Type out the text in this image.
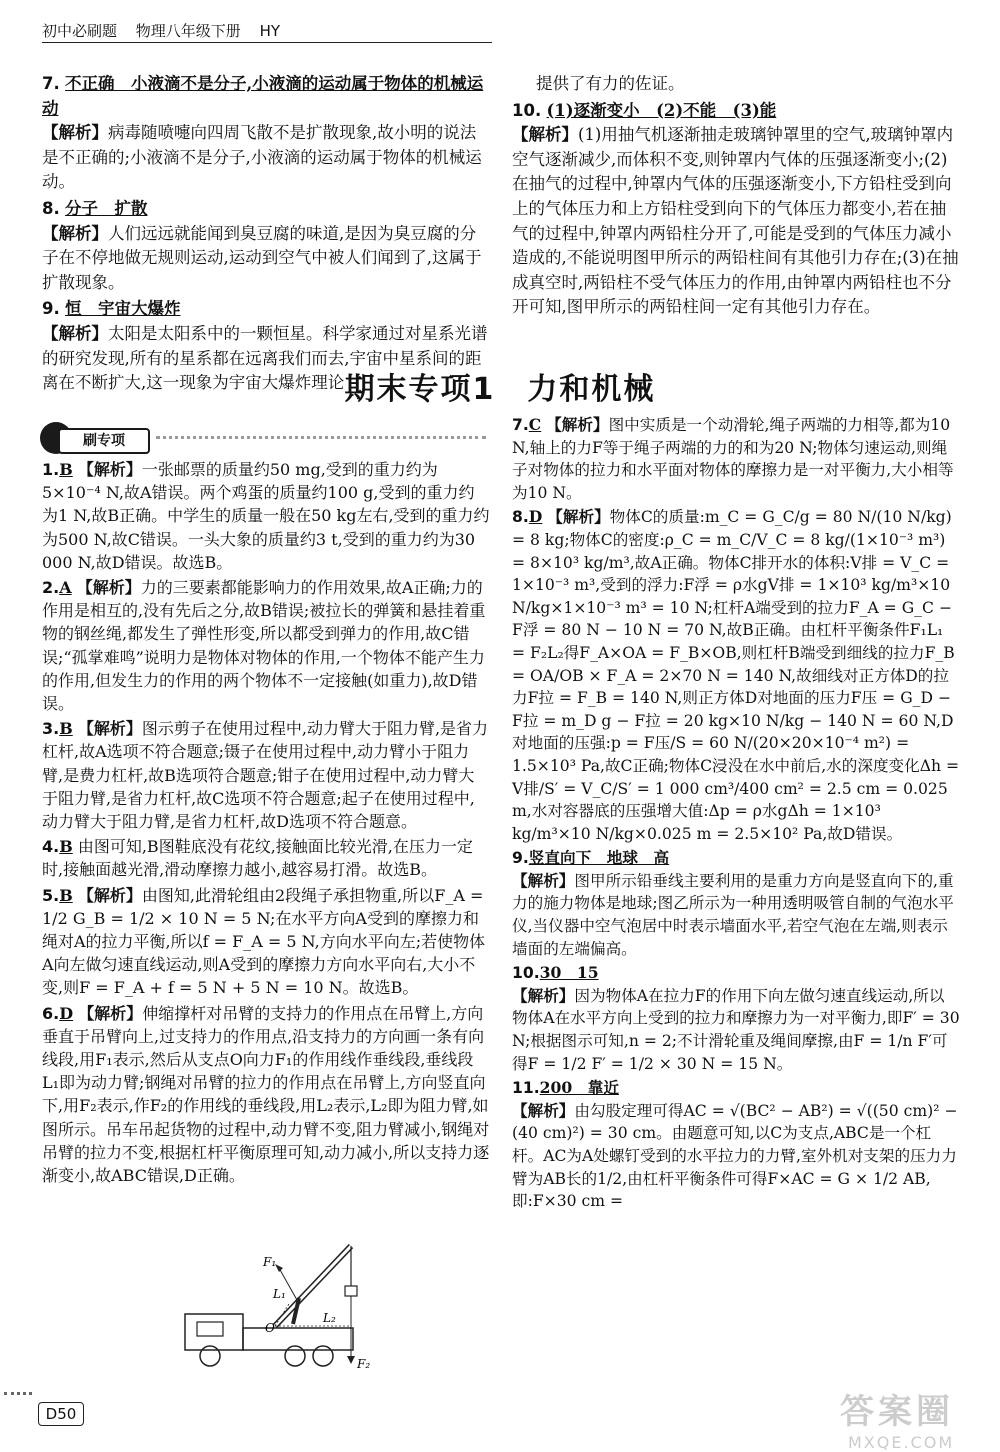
初中必刷题 物理八年级下册 HY
7. 不正确　小液滴不是分子,小液滴的运动属于物体的机械运动
【解析】病毒随喷嚏向四周飞散不是扩散现象,故小明的说法是不正确的;小液滴不是分子,小液滴的运动属于物体的机械运动。
8. 分子　扩散
【解析】人们远远就能闻到臭豆腐的味道,是因为臭豆腐的分子在不停地做无规则运动,运动到空气中被人们闻到了,这属于扩散现象。
9. 恒　宇宙大爆炸
【解析】太阳是太阳系中的一颗恒星。科学家通过对星系光谱的研究发现,所有的星系都在远离我们而去,宇宙中星系间的距离在不断扩大,这一现象为宇宙大爆炸理论
提供了有力的佐证。
10. (1)逐渐变小　(2)不能　(3)能
【解析】(1)用抽气机逐渐抽走玻璃钟罩里的空气,玻璃钟罩内空气逐渐减少,而体积不变,则钟罩内气体的压强逐渐变小;(2)在抽气的过程中,钟罩内气体的压强逐渐变小,下方铅柱受到向上的气体压力和上方铅柱受到向下的气体压力都变小,若在抽气的过程中,钟罩内两铅柱分开了,可能是受到的气体压力减小造成的,不能说明图甲所示的两铅柱间有其他引力存在;(3)在抽成真空时,两铅柱不受气体压力的作用,由钟罩内两铅柱也不分开可知,图甲所示的两铅柱间一定有其他引力存在。
期末专项1　力和机械
刷专项
1.B 【解析】一张邮票的质量约50 mg,受到的重力约为5×10⁻⁴ N,故A错误。两个鸡蛋的质量约100 g,受到的重力约为1 N,故B正确。中学生的质量一般在50 kg左右,受到的重力约为500 N,故C错误。一头大象的质量约3 t,受到的重力约为30 000 N,故D错误。故选B。
2.A 【解析】力的三要素都能影响力的作用效果,故A正确;力的作用是相互的,没有先后之分,故B错误;被拉长的弹簧和悬挂着重物的钢丝绳,都发生了弹性形变,所以都受到弹力的作用,故C错误;“孤掌难鸣”说明力是物体对物体的作用,一个物体不能产生力的作用,但发生力的作用的两个物体不一定接触(如重力),故D错误。
3.B 【解析】图示剪子在使用过程中,动力臂大于阻力臂,是省力杠杆,故A选项不符合题意;镊子在使用过程中,动力臂小于阻力臂,是费力杠杆,故B选项符合题意;钳子在使用过程中,动力臂大于阻力臂,是省力杠杆,故C选项不符合题意;起子在使用过程中,动力臂大于阻力臂,是省力杠杆,故D选项不符合题意。
4.B 由图可知,B图鞋底没有花纹,接触面比较光滑,在压力一定时,接触面越光滑,滑动摩擦力越小,越容易打滑。故选B。
5.B 【解析】由图知,此滑轮组由2段绳子承担物重,所以F_A = 1/2 G_B = 1/2 × 10 N = 5 N;在水平方向A受到的摩擦力和绳对A的拉力平衡,所以f = F_A = 5 N,方向水平向左;若使物体A向左做匀速直线运动,则A受到的摩擦力方向水平向右,大小不变,则F = F_A + f = 5 N + 5 N = 10 N。故选B。
6.D 【解析】伸缩撑杆对吊臂的支持力的作用点在吊臂上,方向垂直于吊臂向上,过支持力的作用点,沿支持力的方向画一条有向线段,用F₁表示,然后从支点O向力F₁的作用线作垂线段,垂线段L₁即为动力臂;钢绳对吊臂的拉力的作用点在吊臂上,方向竖直向下,用F₂表示,作F₂的作用线的垂线段,用L₂表示,L₂即为阻力臂,如图所示。吊车吊起货物的过程中,动力臂不变,阻力臂减小,钢绳对吊臂的拉力不变,根据杠杆平衡原理可知,动力减小,所以支持力逐渐变小,故ABC错误,D正确。
F₁
L₁
O
L₂
F₂
7.C 【解析】图中实质是一个动滑轮,绳子两端的力相等,都为10 N,轴上的力F等于绳子两端的力的和为20 N;物体匀速运动,则绳子对物体的拉力和水平面对物体的摩擦力是一对平衡力,大小相等为10 N。
8.D 【解析】物体C的质量:m_C = G_C/g = 80 N/(10 N/kg) = 8 kg;物体C的密度:ρ_C = m_C/V_C = 8 kg/(1×10⁻³ m³) = 8×10³ kg/m³,故A正确。物体C排开水的体积:V排 = V_C = 1×10⁻³ m³,受到的浮力:F浮 = ρ水gV排 = 1×10³ kg/m³×10 N/kg×1×10⁻³ m³ = 10 N;杠杆A端受到的拉力F_A = G_C − F浮 = 80 N − 10 N = 70 N,故B正确。由杠杆平衡条件F₁L₁ = F₂L₂得F_A×OA = F_B×OB,则杠杆B端受到细线的拉力F_B = OA/OB × F_A = 2×70 N = 140 N,故细线对正方体D的拉力F拉 = F_B = 140 N,则正方体D对地面的压力F压 = G_D − F拉 = m_D g − F拉 = 20 kg×10 N/kg − 140 N = 60 N,D对地面的压强:p = F压/S = 60 N/(20×20×10⁻⁴ m²) = 1.5×10³ Pa,故C正确;物体C浸没在水中前后,水的深度变化Δh = V排/S′ = V_C/S′ = 1 000 cm³/400 cm² = 2.5 cm = 0.025 m,水对容器底的压强增大值:Δp = ρ水gΔh = 1×10³ kg/m³×10 N/kg×0.025 m = 2.5×10² Pa,故D错误。
9.竖直向下　地球　高
【解析】图甲所示铅垂线主要利用的是重力方向是竖直向下的,重力的施力物体是地球;图乙所示为一种用透明吸管自制的气泡水平仪,当仪器中空气泡居中时表示墙面水平,若空气泡在左端,则表示墙面的左端偏高。
10.30　15
【解析】因为物体A在拉力F的作用下向左做匀速直线运动,所以物体A在水平方向上受到的拉力和摩擦力为一对平衡力,即F′ = 30 N;根据图示可知,n = 2;不计滑轮重及绳间摩擦,由F = 1/n F′可得F = 1/2 F′ = 1/2 × 30 N = 15 N。
11.200　靠近
【解析】由勾股定理可得AC = √(BC² − AB²) = √((50 cm)² − (40 cm)²) = 30 cm。由题意可知,以C为支点,ABC是一个杠杆。AC为A处螺钉受到的水平拉力的力臂,室外机对支架的压力力臂为AB长的1/2,由杠杆平衡条件可得F×AC = G × 1/2 AB,即:F×30 cm =
D50	答案圈
MXQE.COM
